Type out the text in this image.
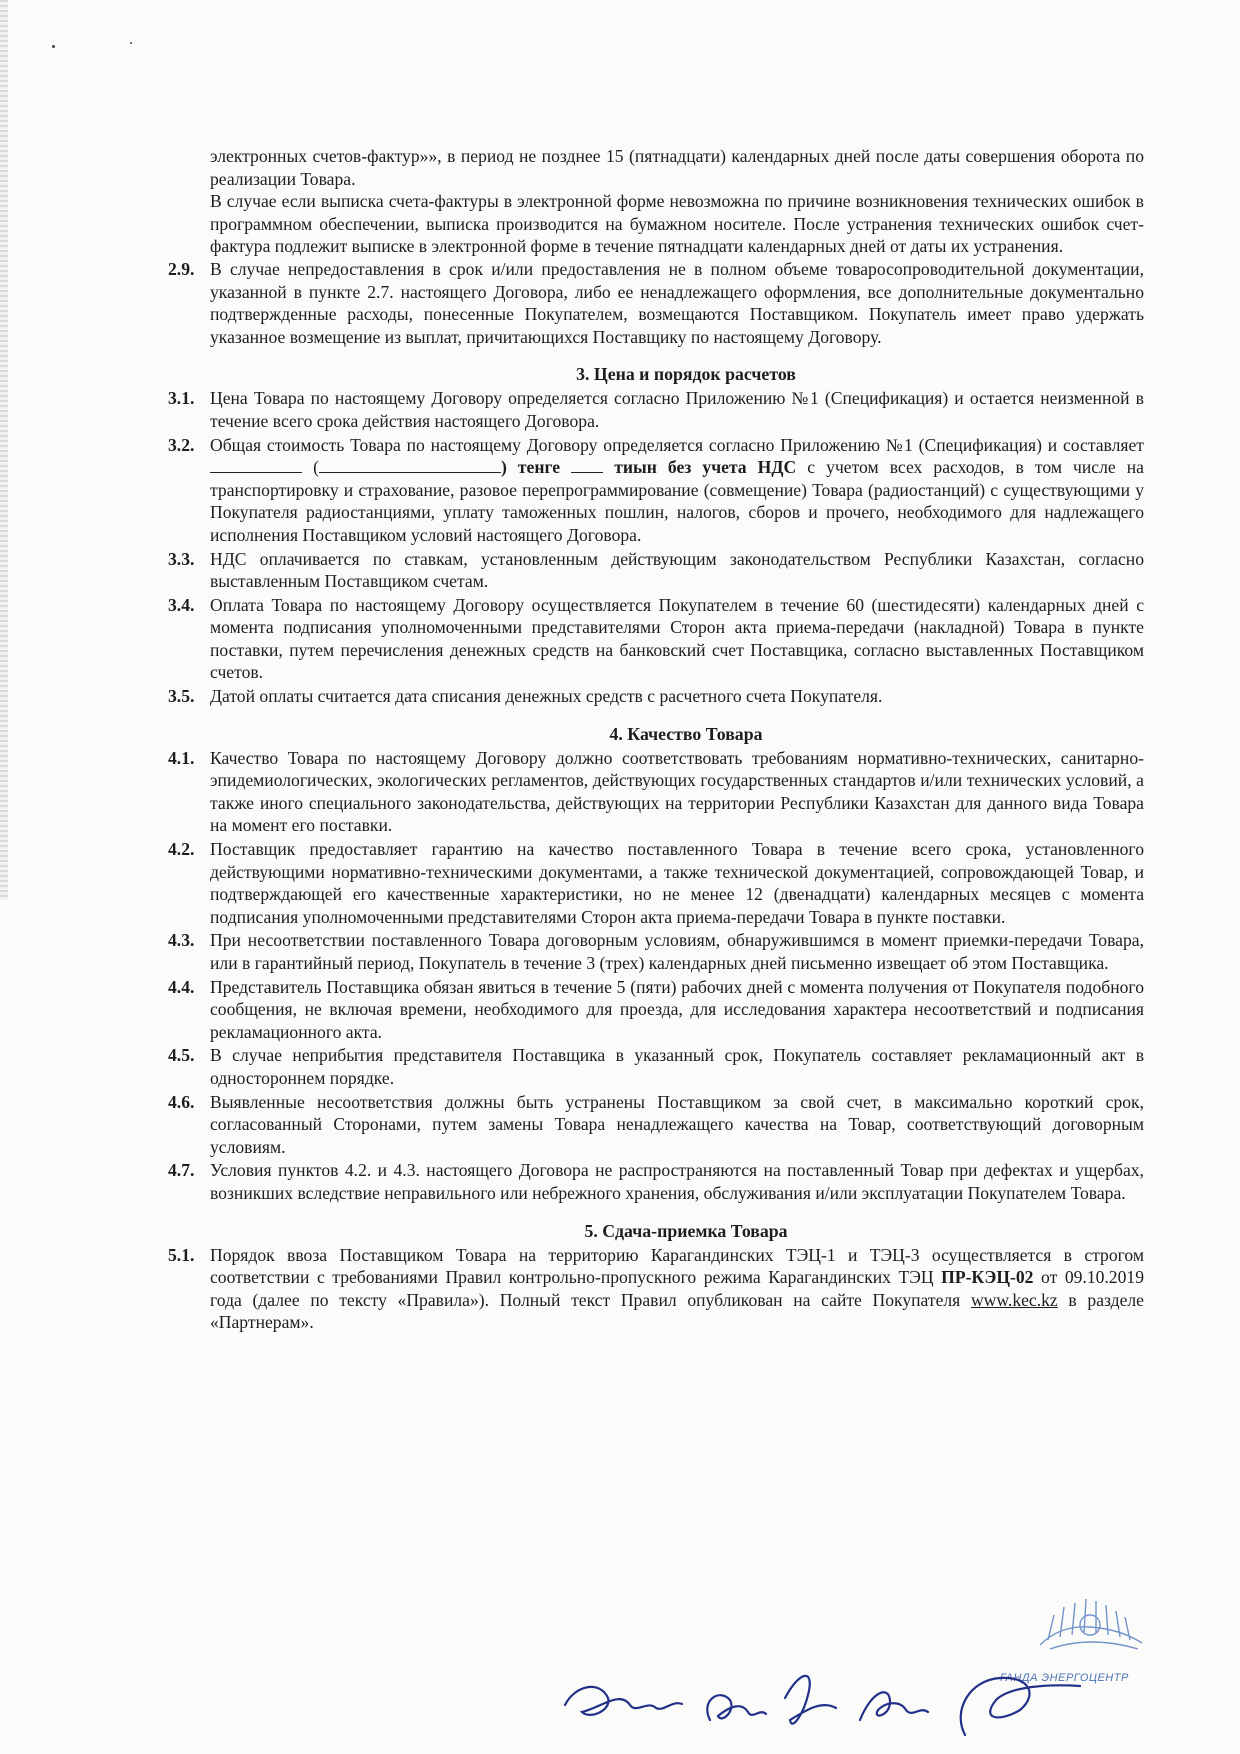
электронных счетов-фактур»», в период не позднее 15 (пятнадцати) календарных дней после даты совершения оборота по реализации Товара.

В случае если выписка счета-фактуры в электронной форме невозможна по причине возникновения технических ошибок в программном обеспечении, выписка производится на бумажном носителе. После устранения технических ошибок счет-фактура подлежит выписке в электронной форме в течение пятнадцати календарных дней от даты их устранения.

2.9. В случае непредоставления в срок и/или предоставления не в полном объеме товаросопроводительной документации, указанной в пункте 2.7. настоящего Договора, либо ее ненадлежащего оформления, все дополнительные документально подтвержденные расходы, понесенные Покупателем, возмещаются Поставщиком. Покупатель имеет право удержать указанное возмещение из выплат, причитающихся Поставщику по настоящему Договору.
3. Цена и порядок расчетов
3.1. Цена Товара по настоящему Договору определяется согласно Приложению №1 (Спецификация) и остается неизменной в течение всего срока действия настоящего Договора.
3.2. Общая стоимость Товара по настоящему Договору определяется согласно Приложению №1 (Спецификация) и составляет  (	) тенге	тиын без учета НДС с учетом всех расходов, в том числе на транспортировку и страхование, разовое перепрограммирование (совмещение) Товара (радиостанций) с существующими у Покупателя радиостанциями, уплату таможенных пошлин, налогов, сборов и прочего, необходимого для надлежащего исполнения Поставщиком условий настоящего Договора.
3.3. НДС оплачивается по ставкам, установленным действующим законодательством Республики Казахстан, согласно выставленным Поставщиком счетам.
3.4. Оплата Товара по настоящему Договору осуществляется Покупателем в течение 60 (шестидесяти) календарных дней с момента подписания уполномоченными представителями Сторон акта приема-передачи (накладной) Товара в пункте поставки, путем перечисления денежных средств на банковский счет Поставщика, согласно выставленных Поставщиком счетов.
3.5. Датой оплаты считается дата списания денежных средств с расчетного счета Покупателя.
4. Качество Товара
4.1. Качество Товара по настоящему Договору должно соответствовать требованиям нормативно-технических, санитарно-эпидемиологических, экологических регламентов, действующих государственных стандартов и/или технических условий, а также иного специального законодательства, действующих на территории Республики Казахстан для данного вида Товара на момент его поставки.
4.2. Поставщик предоставляет гарантию на качество поставленного Товара в течение всего срока, установленного действующими нормативно-техническими документами, а также технической документацией, сопровождающей Товар, и подтверждающей его качественные характеристики, но не менее 12 (двенадцати) календарных месяцев с момента подписания уполномоченными представителями Сторон акта приема-передачи Товара в пункте поставки.
4.3. При несоответствии поставленного Товара договорным условиям, обнаружившимся в момент приемки-передачи Товара, или в гарантийный период, Покупатель в течение 3 (трех) календарных дней письменно извещает об этом Поставщика.
4.4. Представитель Поставщика обязан явиться в течение 5 (пяти) рабочих дней с момента получения от Покупателя подобного сообщения, не включая времени, необходимого для проезда, для исследования характера несоответствий и подписания рекламационного акта.
4.5. В случае неприбытия представителя Поставщика в указанный срок, Покупатель составляет рекламационный акт в одностороннем порядке.
4.6. Выявленные несоответствия должны быть устранены Поставщиком за свой счет, в максимально короткий срок, согласованный Сторонами, путем замены Товара ненадлежащего качества на Товар, соответствующий договорным условиям.
4.7. Условия пунктов 4.2. и 4.3. настоящего Договора не распространяются на поставленный Товар при дефектах и ущербах, возникших вследствие неправильного или небрежного хранения, обслуживания и/или эксплуатации Покупателем Товара.
5. Сдача-приемка Товара
5.1. Порядок ввоза Поставщиком Товара на территорию Карагандинских ТЭЦ-1 и ТЭЦ-3 осуществляется в строгом соответствии с требованиями Правил контрольно-пропускного режима Карагандинских ТЭЦ ПР-КЭЦ-02 от 09.10.2019 года (далее по тексту «Правила»). Полный текст Правил опубликован на сайте Покупателя www.kec.kz в разделе «Партнерам».
ГАНДА ЭНЕРГОЦЕНТР
